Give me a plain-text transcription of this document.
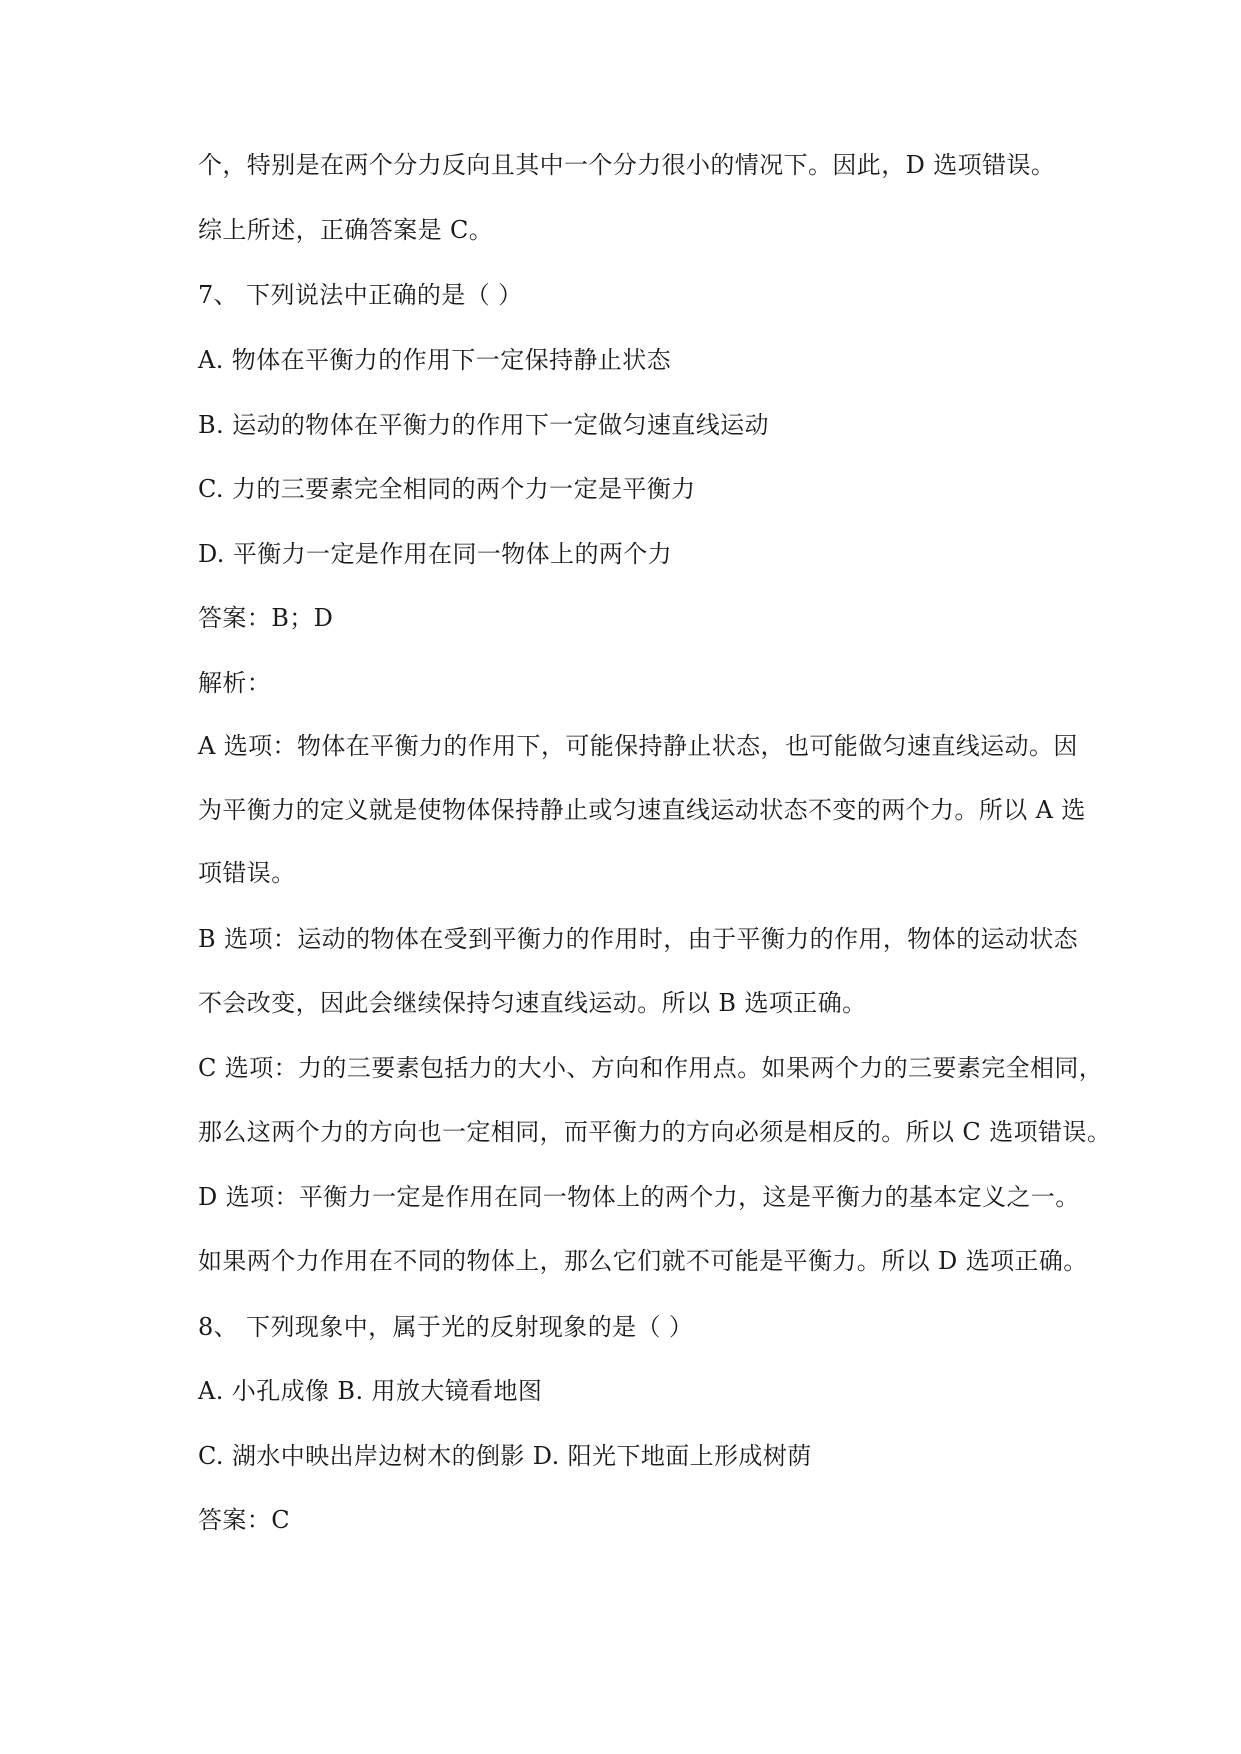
个，特别是在两个分力反向且其中一个分力很小的情况下。因此，D 选项错误。

综上所述，正确答案是 C。

7、 下列说法中正确的是（ ）

A. 物体在平衡力的作用下一定保持静止状态

B. 运动的物体在平衡力的作用下一定做匀速直线运动

C. 力的三要素完全相同的两个力一定是平衡力

D. 平衡力一定是作用在同一物体上的两个力

答案：B；D

解析：

A 选项：物体在平衡力的作用下，可能保持静止状态，也可能做匀速直线运动。因

为平衡力的定义就是使物体保持静止或匀速直线运动状态不变的两个力。所以 A 选

项错误。

B 选项：运动的物体在受到平衡力的作用时，由于平衡力的作用，物体的运动状态

不会改变，因此会继续保持匀速直线运动。所以 B 选项正确。

C 选项：力的三要素包括力的大小、方向和作用点。如果两个力的三要素完全相同，

那么这两个力的方向也一定相同，而平衡力的方向必须是相反的。所以 C 选项错误。

D 选项：平衡力一定是作用在同一物体上的两个力，这是平衡力的基本定义之一。

如果两个力作用在不同的物体上，那么它们就不可能是平衡力。所以 D 选项正确。

8、 下列现象中，属于光的反射现象的是（ ）

A. 小孔成像 B. 用放大镜看地图

C. 湖水中映出岸边树木的倒影 D. 阳光下地面上形成树荫

答案：C
